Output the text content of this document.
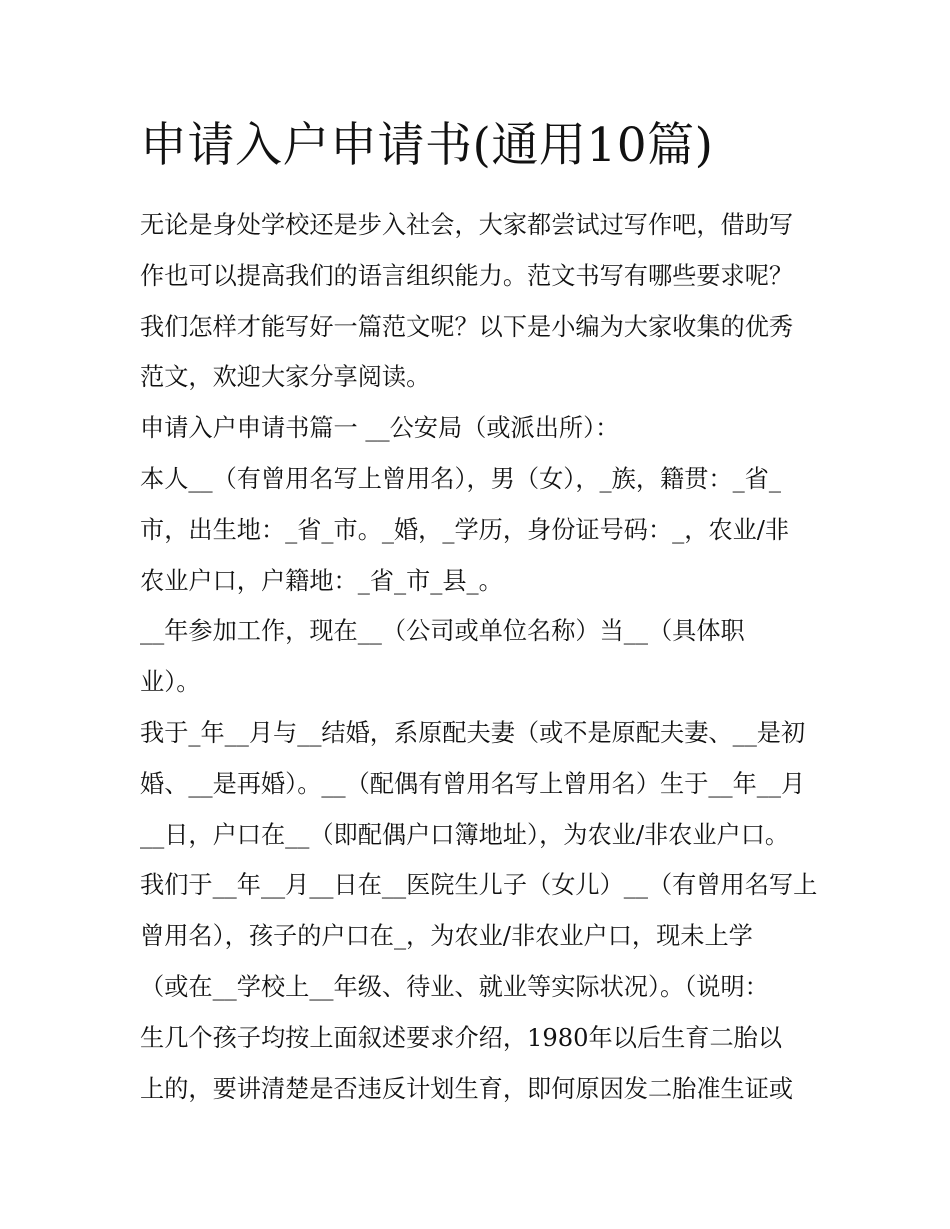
申请入户申请书(通用10篇)

无论是身处学校还是步入社会，大家都尝试过写作吧，借助写
作也可以提高我们的语言组织能力。范文书写有哪些要求呢？
我们怎样才能写好一篇范文呢？以下是小编为大家收集的优秀
范文，欢迎大家分享阅读。

申请入户申请书篇一 __公安局（或派出所）：

本人__（有曾用名写上曾用名），男（女），_族，籍贯：_省_
市，出生地：_省_市。_婚，_学历，身份证号码：_，农业/非
农业户口，户籍地：_省_市_县_。

__年参加工作，现在__（公司或单位名称）当__（具体职
业）。

我于_年__月与__结婚，系原配夫妻（或不是原配夫妻、__是初
婚、__是再婚）。__（配偶有曾用名写上曾用名）生于__年__月
__日，户口在__（即配偶户口簿地址），为农业/非农业户口。
我们于__年__月__日在__医院生儿子（女儿）__（有曾用名写上
曾用名），孩子的户口在_，为农业/非农业户口，现未上学
（或在__学校上__年级、待业、就业等实际状况）。（说明：
生几个孩子均按上面叙述要求介绍，1980年以后生育二胎以
上的，要讲清楚是否违反计划生育，即何原因发二胎准生证或
